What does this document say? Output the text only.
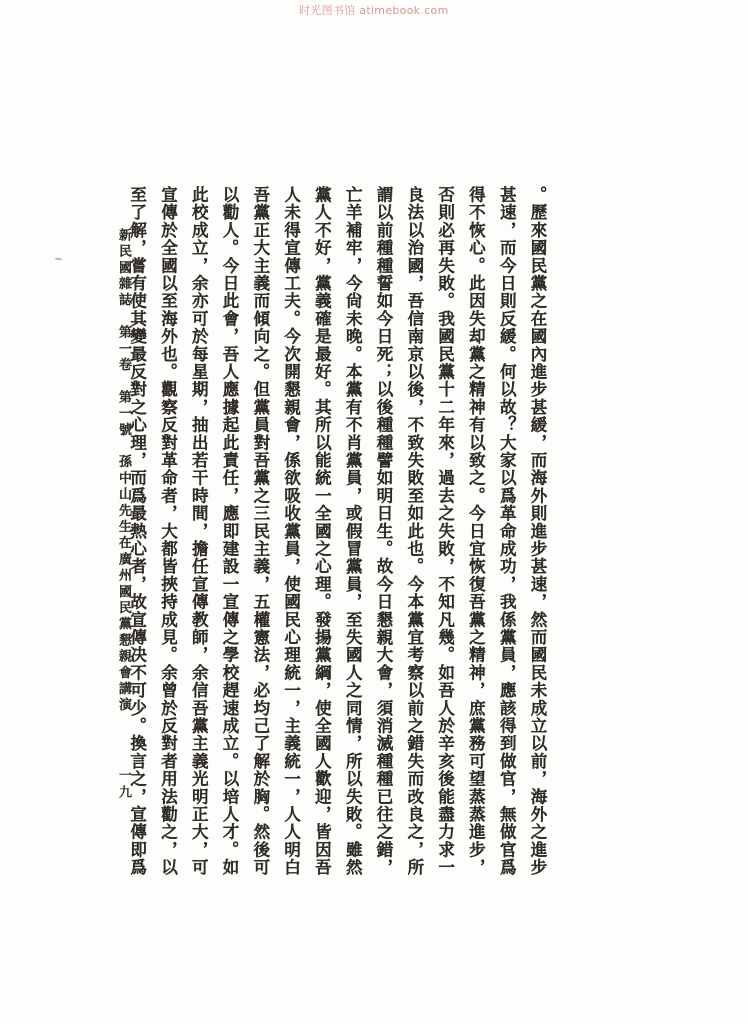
时光图书馆 atimebook.com
。歷來國民黨之在國內進步甚緩，而海外則進步甚速，然而國民未成立以前，海外之進步
甚速，而今日則反緩。何以故？大家以爲革命成功，我係黨員，應該得到做官，無做官爲
得不恢心。此因失却黨之精神有以致之。今日宜恢復吾黨之精神，庶黨務可望蒸蒸進步，
否則必再失敗。我國民黨十二年來，過去之失敗，不知凡幾。如吾人於辛亥後能盡力求一
良法以治國，吾信南京以後，不致失敗至如此也。今本黨宜考察以前之錯失而改良之，所
謂以前種種誓如今日死；以後種種譬如明日生。故今日懇親大會，須消滅種種已往之錯，
亡羊補牢，今尙未晚。本黨有不肖黨員，或假冒黨員，至失國人之同情，所以失敗。雖然
黨人不好，黨義確是最好。其所以能統一全國之心理。發揚黨綱，使全國人歡迎，皆因吾
人未得宣傳工夫。今次開懇親會，係欲吸收黨員，使國民心理統一，主義統一，人人明白
吾黨正大主義而傾向之。但黨員對吾黨之三民主義，五權憲法，必均己了解於胸。然後可
以勸人。今日此會，吾人應據起此責任，應即建設一宣傳之學校趕速成立。以培人才。如
此校成立，余亦可於每星期，抽出若干時間，擔任宣傳教師，余信吾黨主義光明正大，可
宣傳於全國以至海外也。觀察反對革命者，大都皆挾持成見。余曾於反對者用法勸之，以
至了解，嘗有使其變最反對之心理，而爲最熱心者，故宣傳决不可少。換言之，宣傳即爲
新民國雜誌　第一卷　第一號　孫中山先生在廣州國民黨懇親會講演
一九
